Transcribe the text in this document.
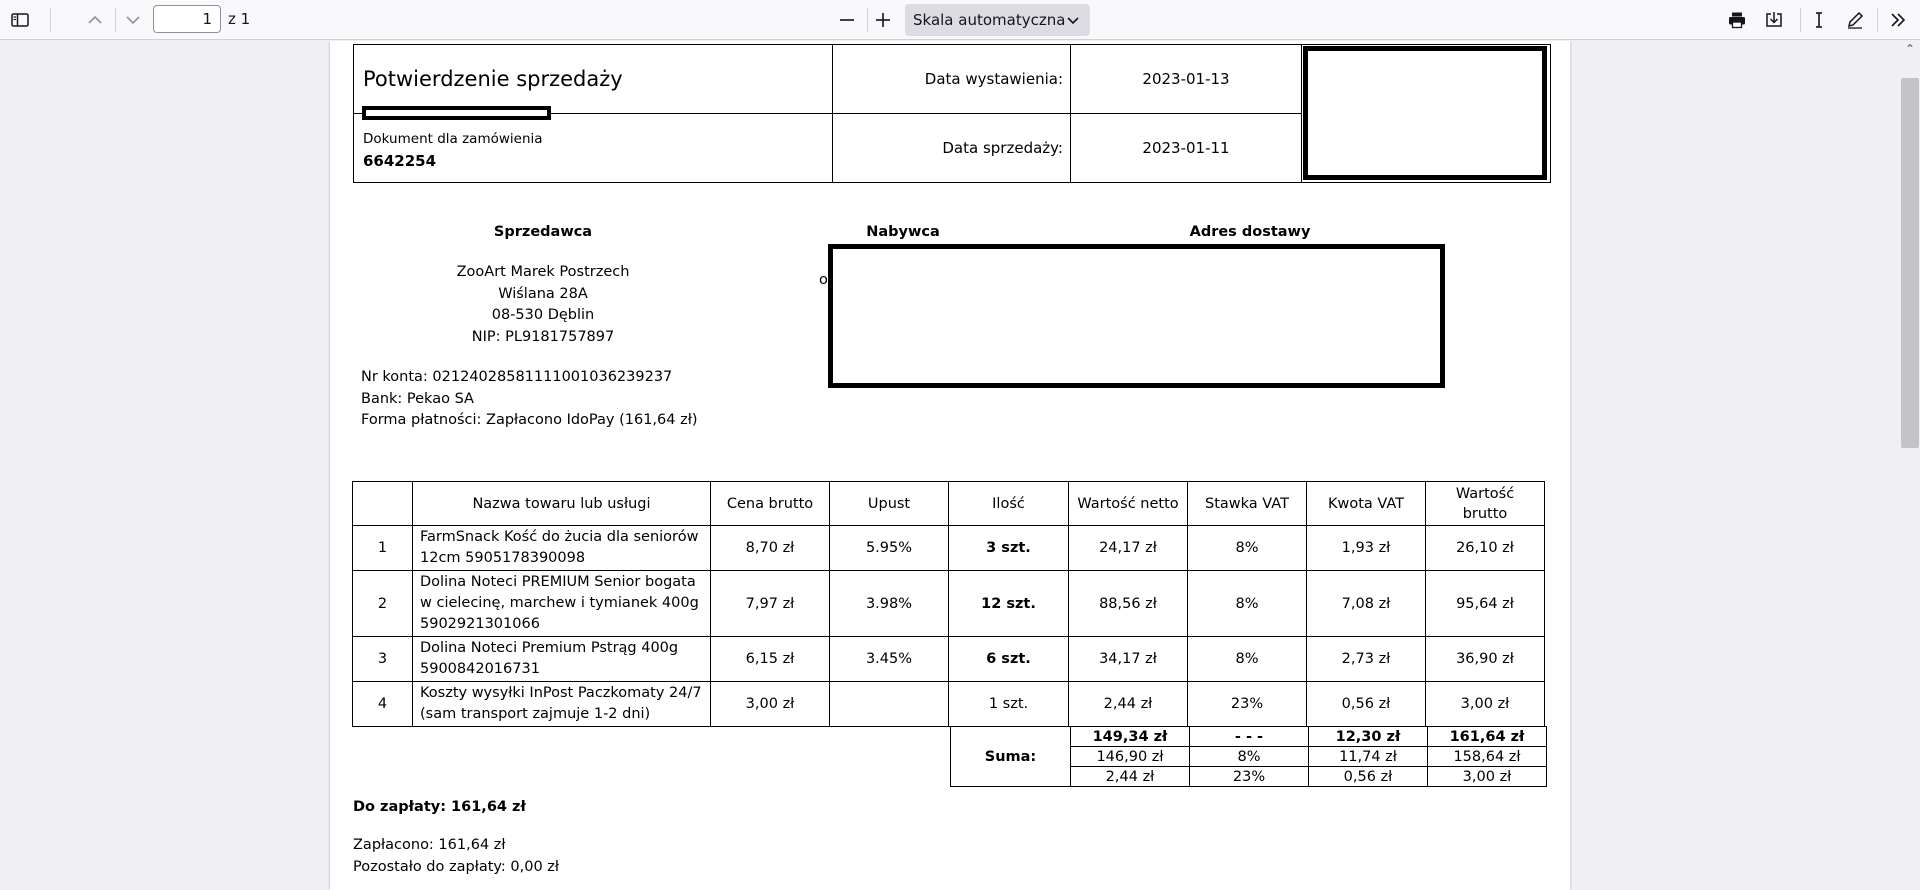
1	z 1	Skala automatyczna
Potwierdzenie sprzedaży	Data wystawienia:	2023-01-13	

Dokument dla zamówienia
6642254	Data sprzedaży:	2023-01-11	
Sprzedawca	Nabywca	Adres dostawy
ZooArt Marek Postrzech
Wiślana 28A
08-530 Dęblin
NIP: PL9181757897
o
Nr konta: 02124028581111001036239237
Bank: Pekao SA
Forma płatności: Zapłacono IdoPay (161,64 zł)
	Nazwa towaru lub usługi	Cena brutto	Upust	Ilość	Wartość netto	Stawka VAT	Kwota VAT	Wartość brutto
1	FarmSnack Kość do żucia dla seniorów 12cm 5905178390098	8,70 zł	5.95%	3 szt.	24,17 zł	8%	1,93 zł	26,10 zł
2	Dolina Noteci PREMIUM Senior bogata w cielecinę, marchew i tymianek 400g 5902921301066	7,97 zł	3.98%	12 szt.	88,56 zł	8%	7,08 zł	95,64 zł
3	Dolina Noteci Premium Pstrąg 400g 5900842016731	6,15 zł	3.45%	6 szt.	34,17 zł	8%	2,73 zł	36,90 zł
4	Koszty wysyłki InPost Paczkomaty 24/7 (sam transport zajmuje 1-2 dni)	3,00 zł		1 szt.	2,44 zł	23%	0,56 zł	3,00 zł
Suma:	149,34 zł	- - -	12,30 zł	161,64 zł
	146,90 zł	8%	11,74 zł	158,64 zł
	2,44 zł	23%	0,56 zł	3,00 zł
Do zapłaty: 161,64 zł
Zapłacono: 161,64 zł
Pozostało do zapłaty: 0,00 zł
⌃
